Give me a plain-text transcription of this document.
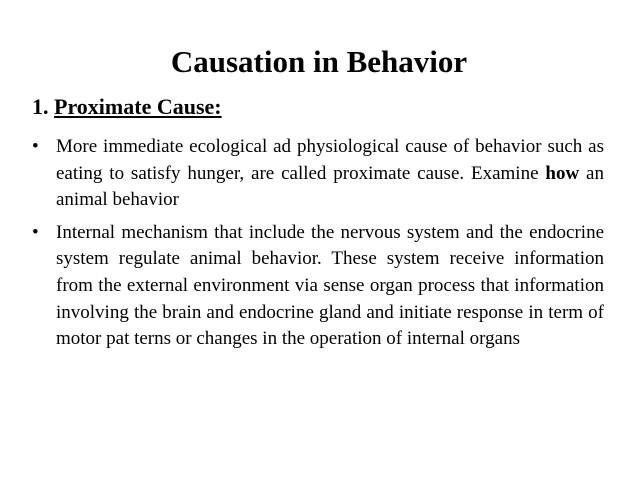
Causation in Behavior
1. Proximate Cause:
• More immediate ecological ad physiological cause of behavior such as eating to satisfy hunger, are called proximate cause. Examine how an animal behavior
• Internal mechanism that include the nervous system and the endocrine system regulate animal behavior. These system receive information from the external environment via sense organ process that information involving the brain and endocrine gland and initiate response in term of motor pat terns or changes in the operation of internal organs
